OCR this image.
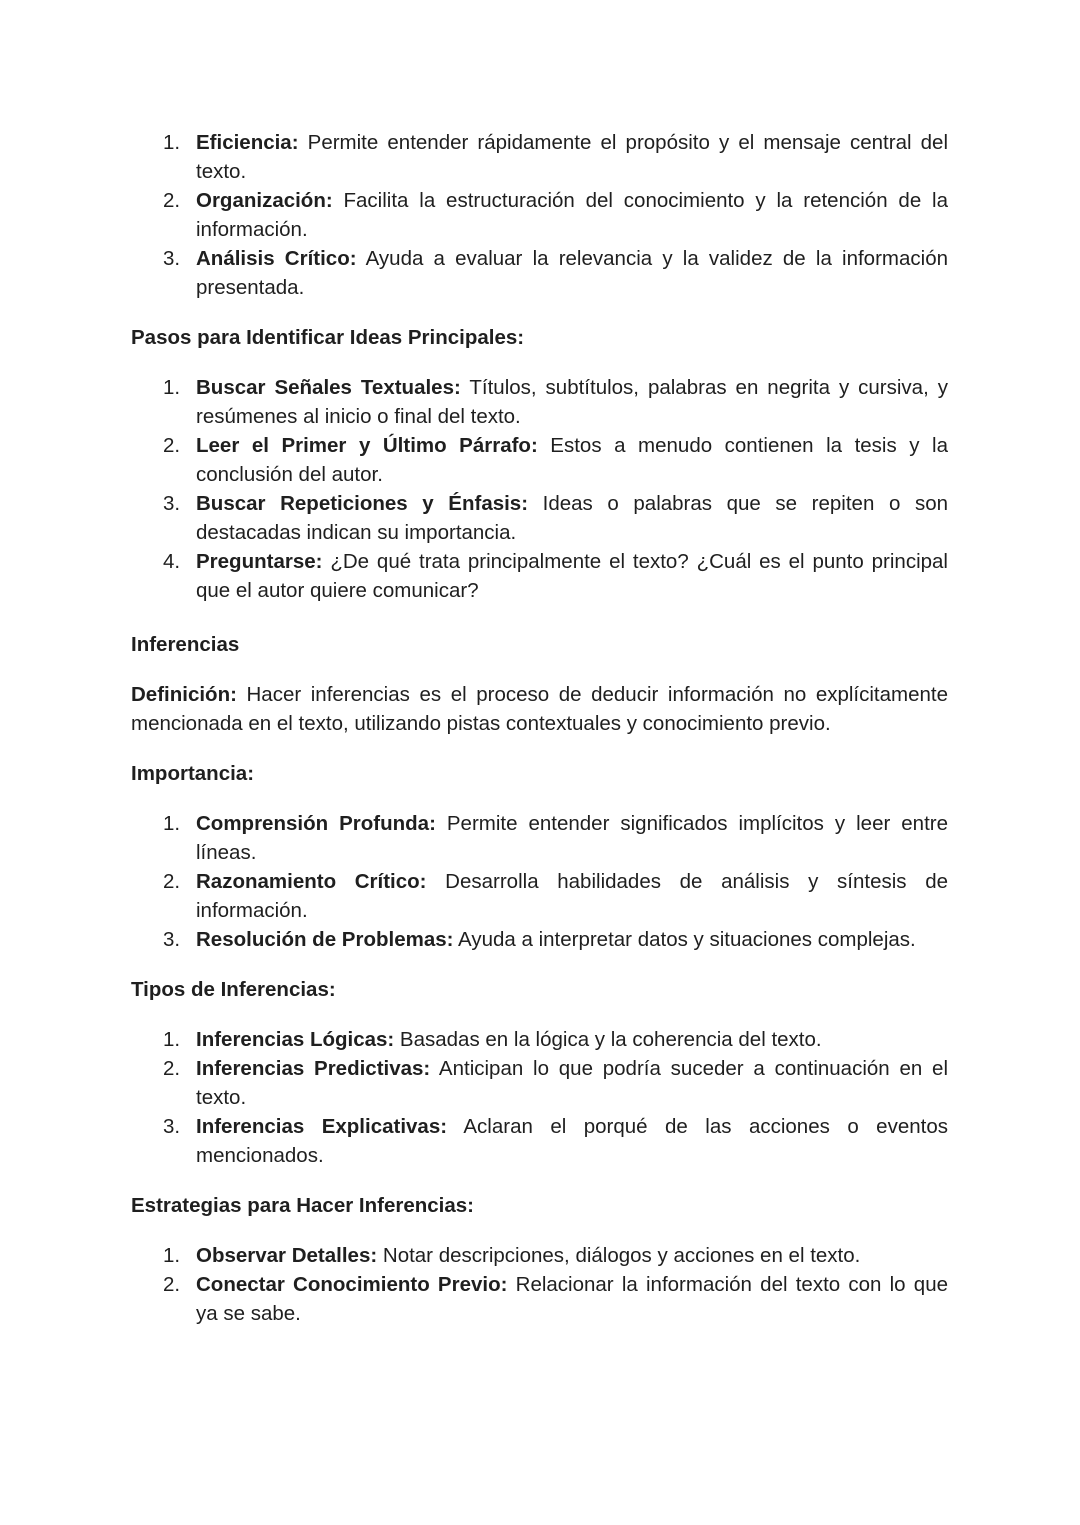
Eficiencia: Permite entender rápidamente el propósito y el mensaje central del texto.
Organización: Facilita la estructuración del conocimiento y la retención de la información.
Análisis Crítico: Ayuda a evaluar la relevancia y la validez de la información presentada.

Pasos para Identificar Ideas Principales:

Buscar Señales Textuales: Títulos, subtítulos, palabras en negrita y cursiva, y resúmenes al inicio o final del texto.
Leer el Primer y Último Párrafo: Estos a menudo contienen la tesis y la conclusión del autor.
Buscar Repeticiones y Énfasis: Ideas o palabras que se repiten o son destacadas indican su importancia.
Preguntarse: ¿De qué trata principalmente el texto? ¿Cuál es el punto principal que el autor quiere comunicar?

Inferencias

Definición: Hacer inferencias es el proceso de deducir información no explícitamente mencionada en el texto, utilizando pistas contextuales y conocimiento previo.

Importancia:

Comprensión Profunda: Permite entender significados implícitos y leer entre líneas.
Razonamiento Crítico: Desarrolla habilidades de análisis y síntesis de información.
Resolución de Problemas: Ayuda a interpretar datos y situaciones complejas.

Tipos de Inferencias:

Inferencias Lógicas: Basadas en la lógica y la coherencia del texto.
Inferencias Predictivas: Anticipan lo que podría suceder a continuación en el texto.
Inferencias Explicativas: Aclaran el porqué de las acciones o eventos mencionados.

Estrategias para Hacer Inferencias:

Observar Detalles: Notar descripciones, diálogos y acciones en el texto.
Conectar Conocimiento Previo: Relacionar la información del texto con lo que ya se sabe.
